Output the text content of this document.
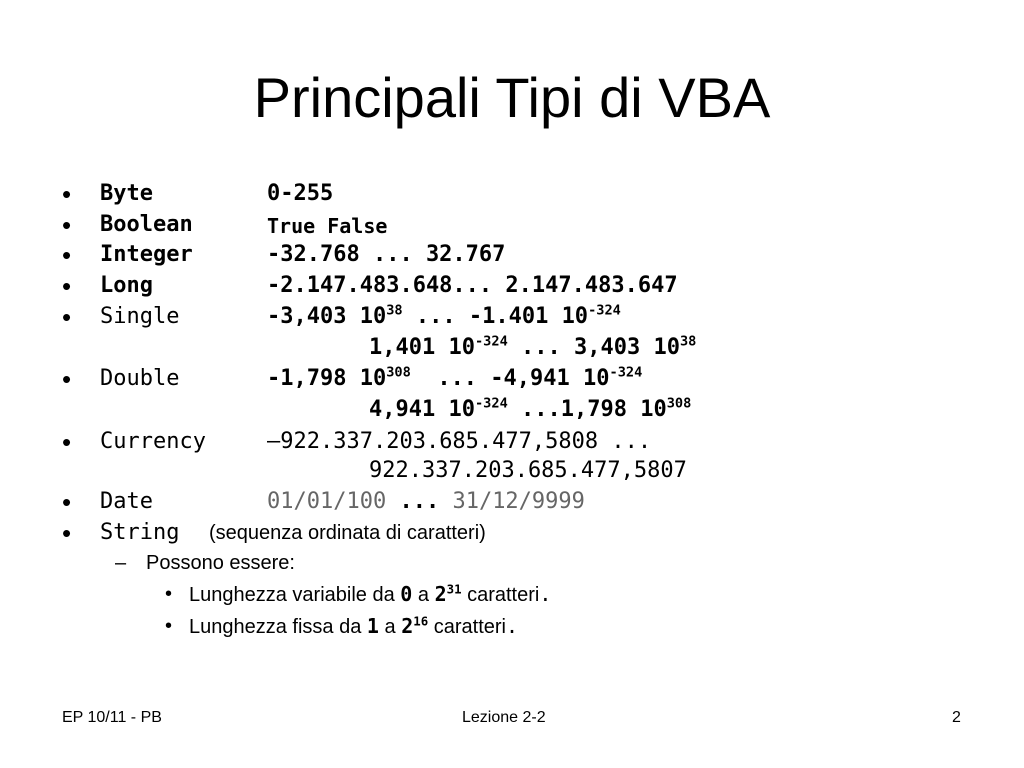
Principali Tipi di VBA
• Byte	0-255
• Boolean	True False
• Integer	-32.768 ... 32.767
• Long	-2.147.483.648... 2.147.483.647
• Single	-3,403 $10^{38}$ ... -1.401 $10^{-324}$
1,401 $10^{-324}$ ... 3,403 $10^{38}$
• Double	-1,798 $10^{308}$  ... -4,941 $10^{-324}$
4,941 $10^{-324}$ ...1,798 $10^{308}$
• Currency	–922.337.203.685.477,5808 ...
922.337.203.685.477,5807
• Date	01/01/100 ... 31/12/9999
• String (sequenza ordinata di caratteri)
– Possono essere:
• Lunghezza variabile da 0 a $2^{31}$ caratteri.
• Lunghezza fissa da 1 a $2^{16}$ caratteri.
EP 10/11 - PB	Lezione 2-2	2
